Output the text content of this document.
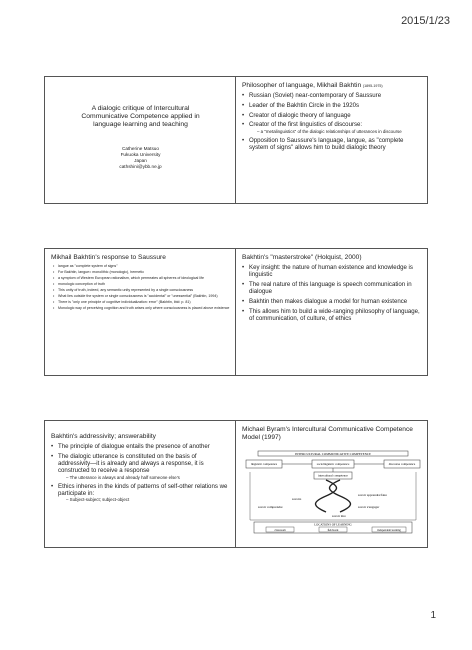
2015/1/23
A dialogic critique of Intercultural
Communicative Competence applied in
language learning and teaching
Catherine Matsuo
Fukuoka University
Japan
cathshini@ybb.ne.jp
Philosopher of language, Mikhail Bakhtin (1895-1975)
• Russian (Soviet) near-contemporary of Saussure
• Leader of the Bakhtin Circle in the 1920s
• Creator of dialogic theory of language
• Creator of the first linguistics of discourse:
– a "metalinguistics" of the dialogic relationships of utterances in discourse
• Opposition to Saussure's language, langue, as "complete system of signs" allows him to build dialogic theory
Mikhail Bakhtin's response to Saussure
• langue as "complete system of signs"
• For Bakhtin, langue= monolithic (monologic), hermetic
• a symptom of Western European rationalism, which permeates all spheres of ideological life
• monologic conception of truth
• This unity of truth, indeed, any semantic unity represented by a single consciousness
• What lies outside the system or single consciousness is "accidental" or "unessential" (Bakhtin, 1994)
• There is "only one principle of cognitive individualization: error" (Bakhtin, ibid: p. 81)
• Monologic way of perceiving cognition and truth arises only where consciousness is placed above existence
Bakhtin's "masterstroke" (Holquist, 2000)
• Key insight: the nature of human existence and knowledge is linguistic
• The real nature of this language is speech communication in dialogue
• Bakhtin then makes dialogue a model for human existence
• This allows him to build a wide-ranging philosophy of language, of communication, of culture, of ethics
Bakhtin's addressivity; answerability
• The principle of dialogue entails the presence of another
• The dialogic utterance is constituted on the basis of addressivity—it is already and always a response, it is constructed to receive a response
– The utterance is always and already half someone else's
• Ethics inheres in the kinds of patterns of self-other relations we participate in:
– Subject-subject; subject-object
Michael Byram's Intercultural Communicative Competence Model (1997)
INTERCULTURAL COMMUNICATIVE COMPETENCE
linguistic competence	sociolinguistic competence	discourse competence
intercultural competence
savoirs
savoir apprendre/faire
savoir comprendre	savoir s'engager
savoir être
LOCATIONS OF LEARNING
classroom	fieldwork	independent learning
1
